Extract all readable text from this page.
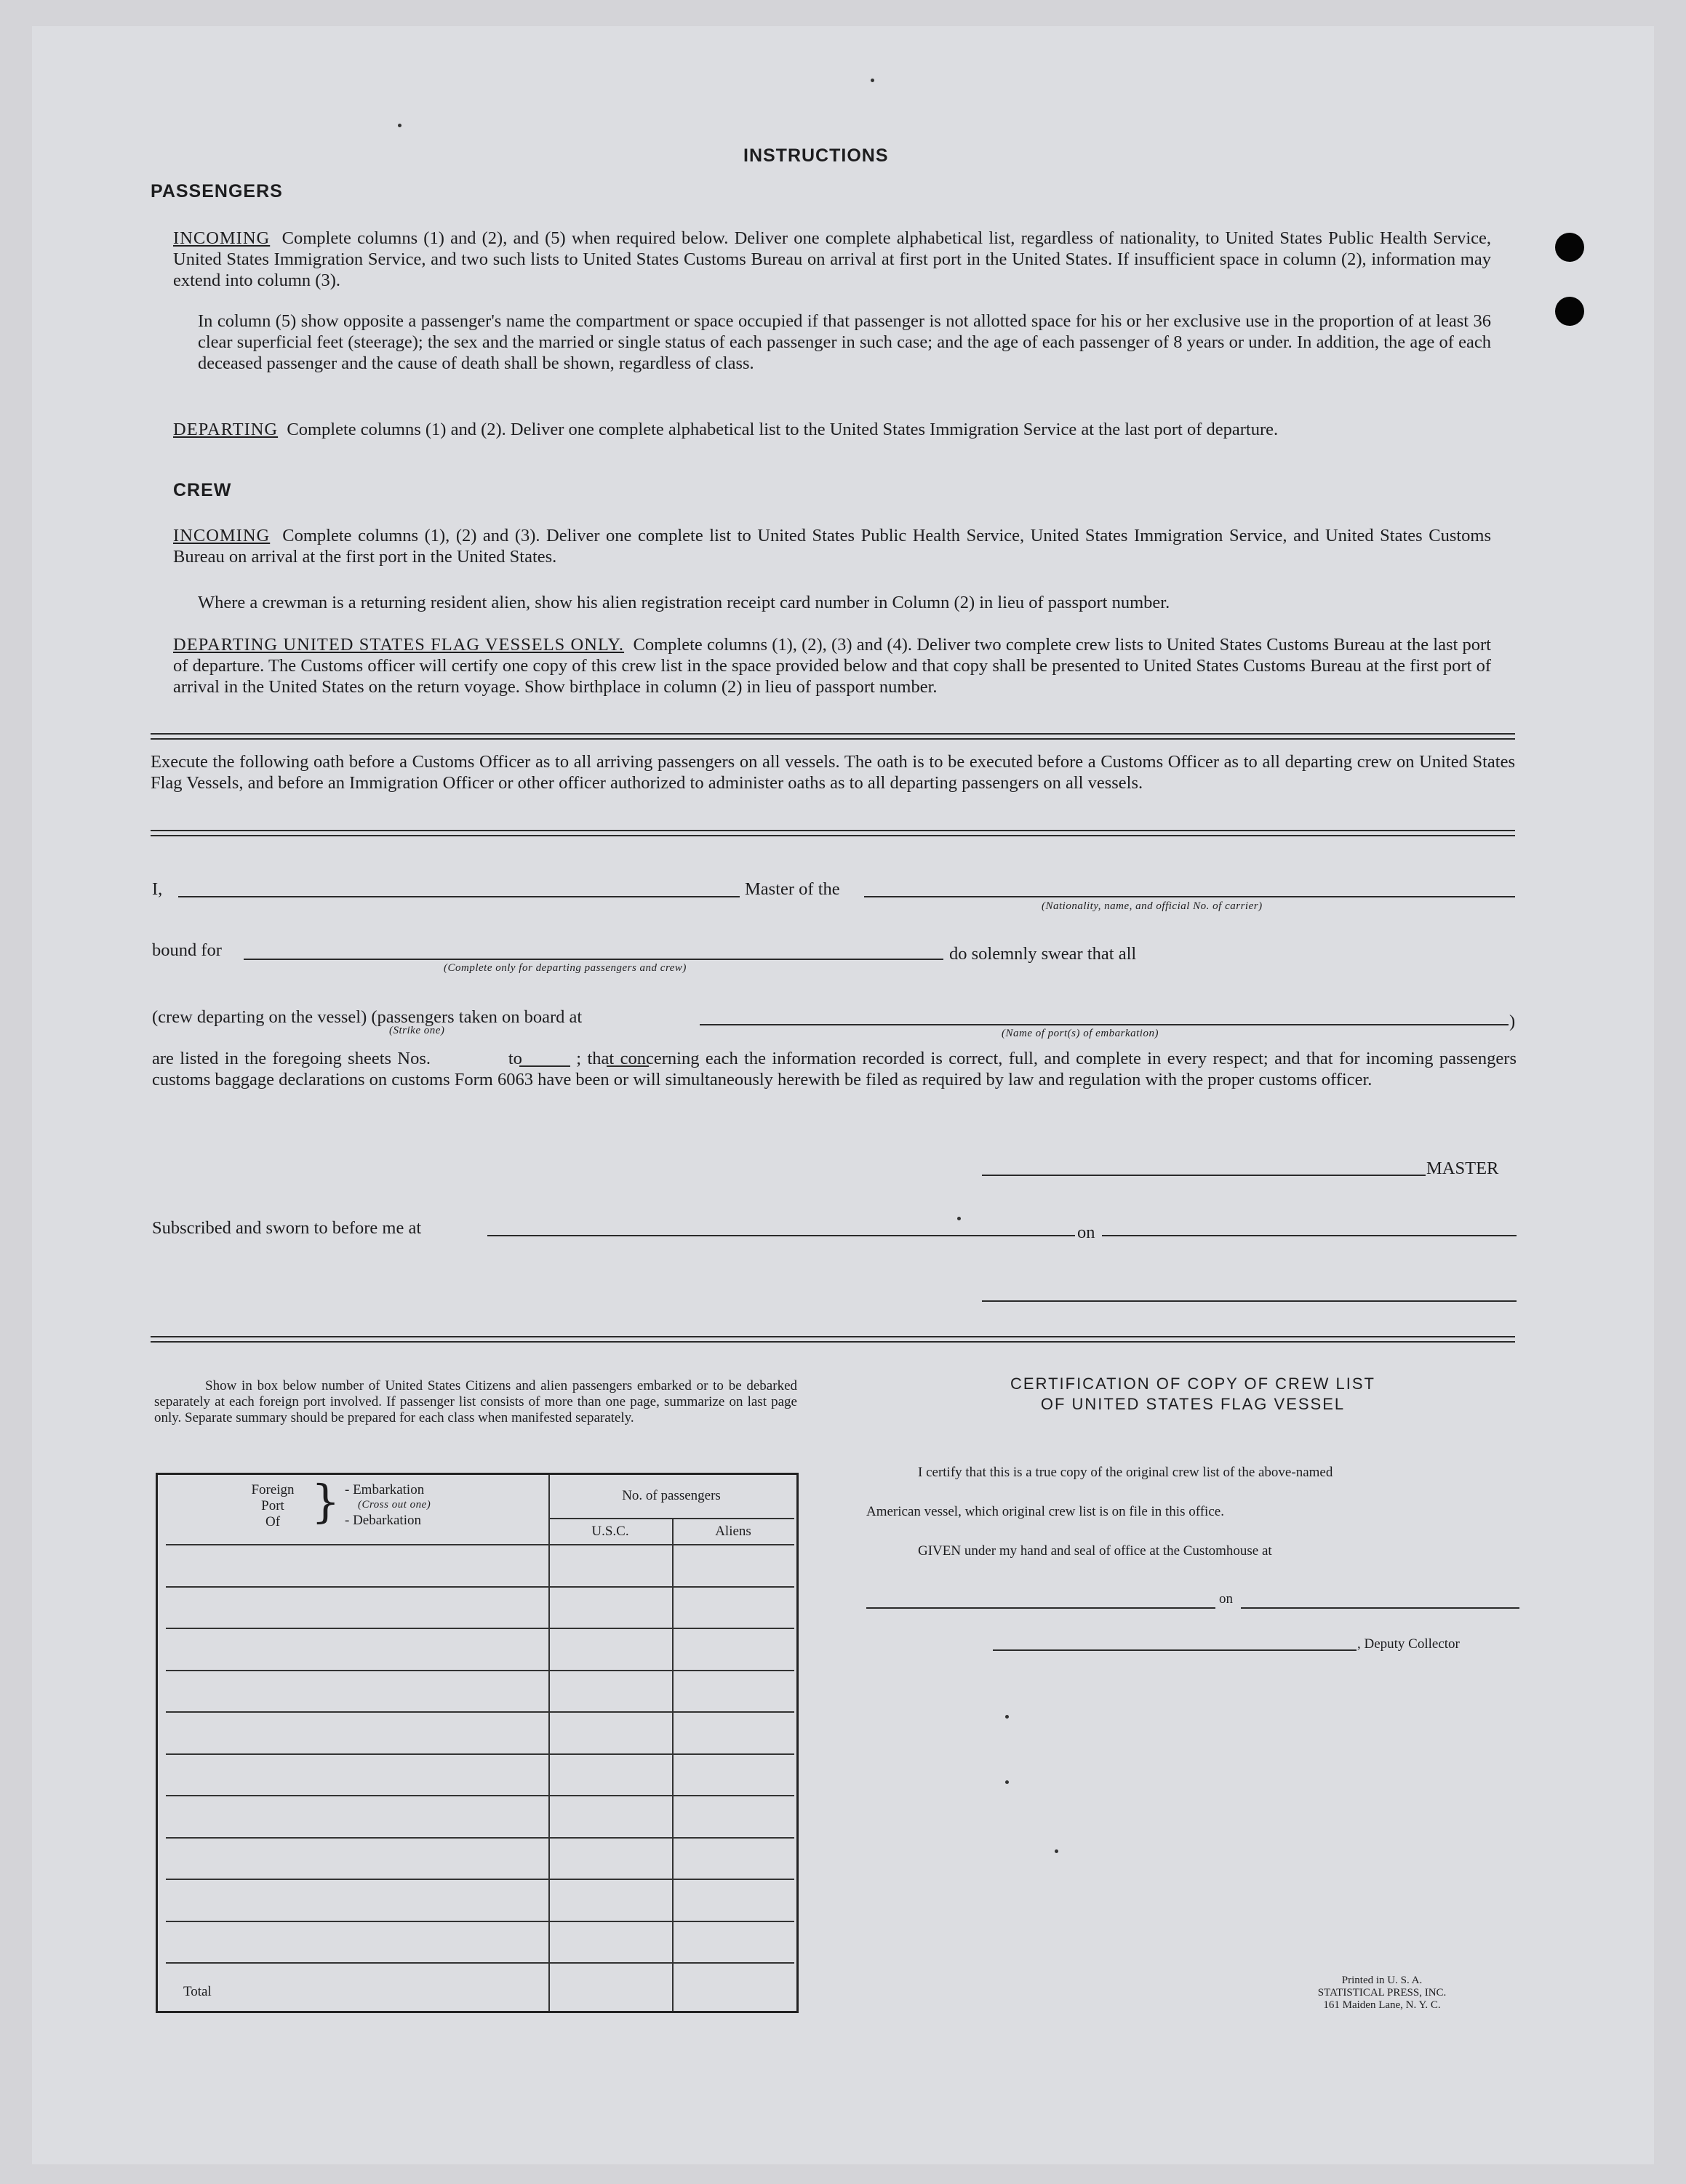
INSTRUCTIONS
PASSENGERS
INCOMING Complete columns (1) and (2), and (5) when required below. Deliver one complete alphabetical list, regardless of nationality, to United States Public Health Service, United States Immigration Service, and two such lists to United States Customs Bureau on arrival at first port in the United States. If insufficient space in column (2), information may extend into column (3).
In column (5) show opposite a passenger's name the compartment or space occupied if that passenger is not allotted space for his or her exclusive use in the proportion of at least 36 clear superficial feet (steerage); the sex and the married or single status of each passenger in such case; and the age of each passenger of 8 years or under. In addition, the age of each deceased passenger and the cause of death shall be shown, regardless of class.
DEPARTING Complete columns (1) and (2). Deliver one complete alphabetical list to the United States Immigration Service at the last port of departure.
CREW
INCOMING Complete columns (1), (2) and (3). Deliver one complete list to United States Public Health Service, United States Immigration Service, and United States Customs Bureau on arrival at the first port in the United States.
Where a crewman is a returning resident alien, show his alien registration receipt card number in Column (2) in lieu of passport number.
DEPARTING UNITED STATES FLAG VESSELS ONLY. Complete columns (1), (2), (3) and (4). Deliver two complete crew lists to United States Customs Bureau at the last port of departure. The Customs officer will certify one copy of this crew list in the space provided below and that copy shall be presented to United States Customs Bureau at the first port of arrival in the United States on the return voyage. Show birthplace in column (2) in lieu of passport number.
Execute the following oath before a Customs Officer as to all arriving passengers on all vessels. The oath is to be executed before a Customs Officer as to all departing crew on United States Flag Vessels, and before an Immigration Officer or other officer authorized to administer oaths as to all departing passengers on all vessels.
I,	Master of the
(Nationality, name, and official No. of carrier)
bound for
(Complete only for departing passengers and crew)
do solemnly swear that all
(crew departing on the vessel) (passengers taken on board at
(Strike one)	(Name of port(s) of embarkation)
)
are listed in the foregoing sheets Nos.	to	; that concerning each the information recorded is correct, full, and complete in every respect; and that for incoming passengers customs baggage declarations on customs Form 6063 have been or will simultaneously herewith be filed as required by law and regulation with the proper customs officer.
MASTER
Subscribed and sworn to before me at	on
Show in box below number of United States Citizens and alien passengers embarked or to be debarked separately at each foreign port involved. If passenger list consists of more than one page, summarize on last page only. Separate summary should be prepared for each class when manifested separately.
Foreign
Port
Of } - Embarkation
(Cross out one)
- Debarkation
No. of passengers
U.S.C.	Aliens
Total
CERTIFICATION OF COPY OF CREW LIST
OF UNITED STATES FLAG VESSEL
I certify that this is a true copy of the original crew list of the above-named
American vessel, which original crew list is on file in this office.
GIVEN under my hand and seal of office at the Customhouse at
on
, Deputy Collector
Printed in U. S. A.
STATISTICAL PRESS, INC.
161 Maiden Lane, N. Y. C.
